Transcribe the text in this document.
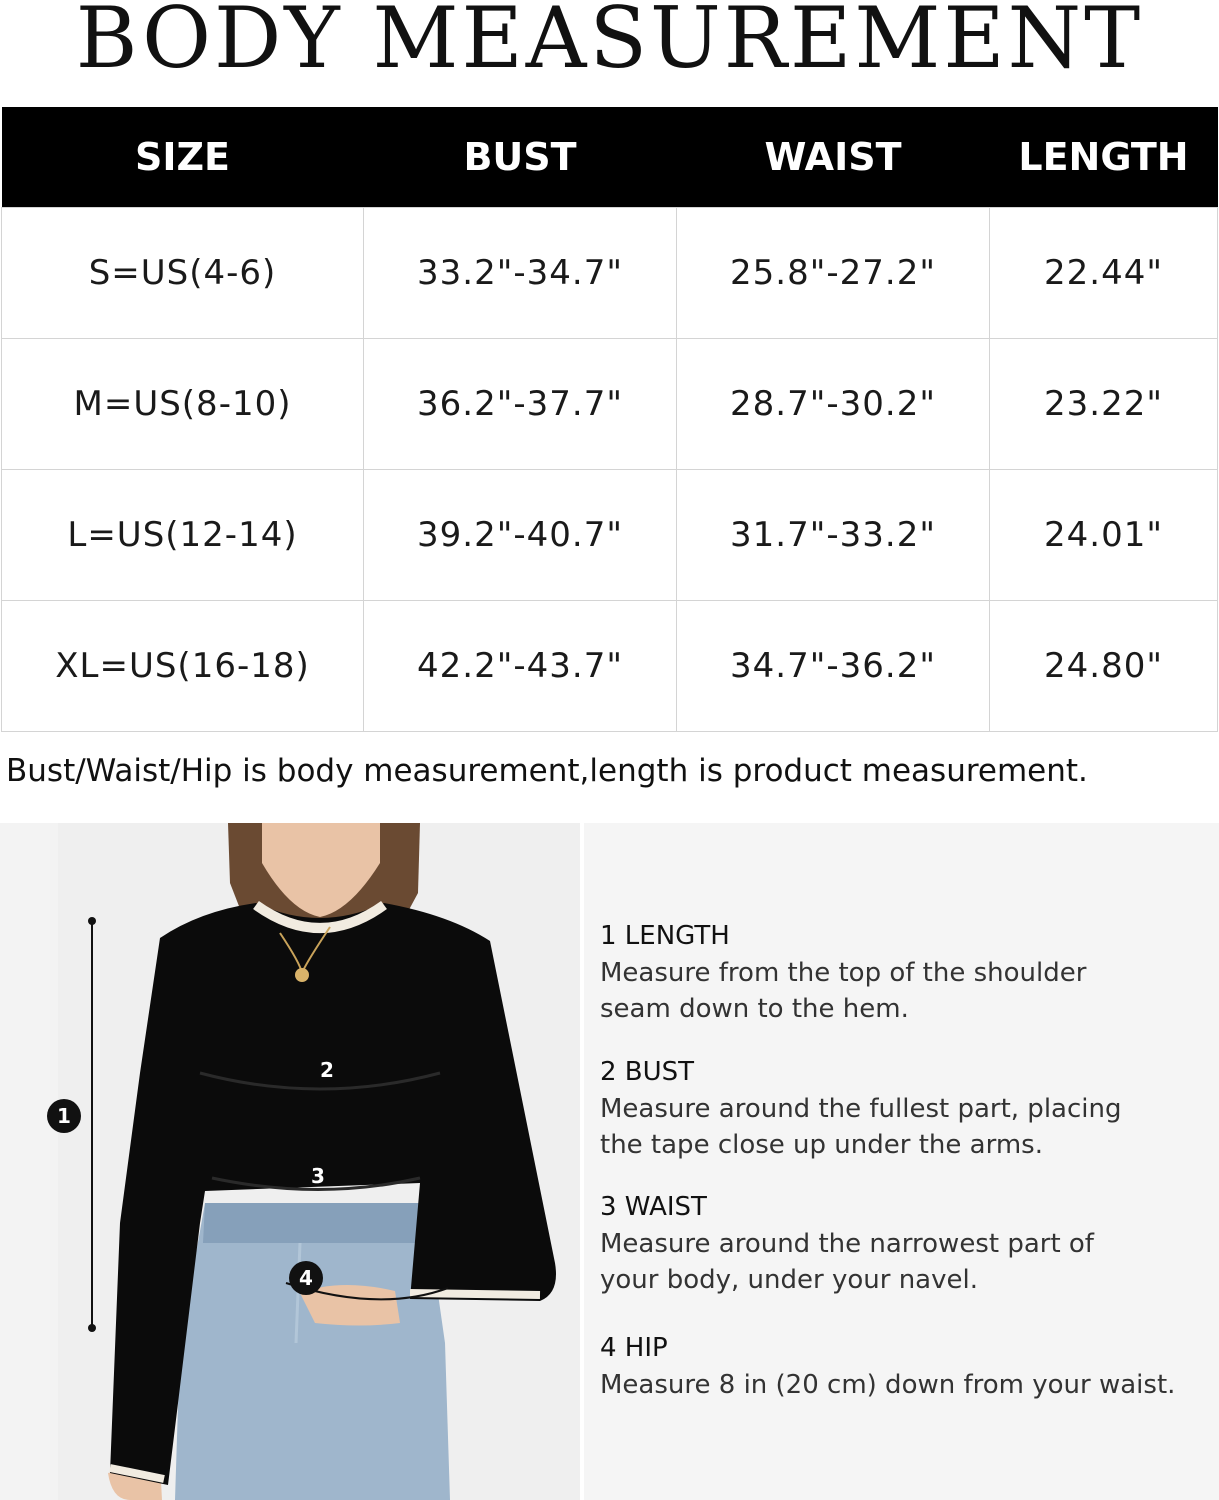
BODY MEASUREMENT
SIZE	BUST	WAIST	LENGTH
S=US(4-6)	33.2"-34.7"	25.8"-27.2"	22.44"
M=US(8-10)	36.2"-37.7"	28.7"-30.2"	23.22"
L=US(12-14)	39.2"-40.7"	31.7"-33.2"	24.01"
XL=US(16-18)	42.2"-43.7"	34.7"-36.2"	24.80"
Bust/Waist/Hip is body measurement,length is product measurement.
1
2
3
4
1 LENGTH
Measure from the top of the shoulder seam down to the hem.
2 BUST
Measure around the fullest part, placing the tape close up under the arms.
3 WAIST
Measure around the narrowest part of your body, under your navel.
4 HIP
Measure 8 in (20 cm) down from your waist.
